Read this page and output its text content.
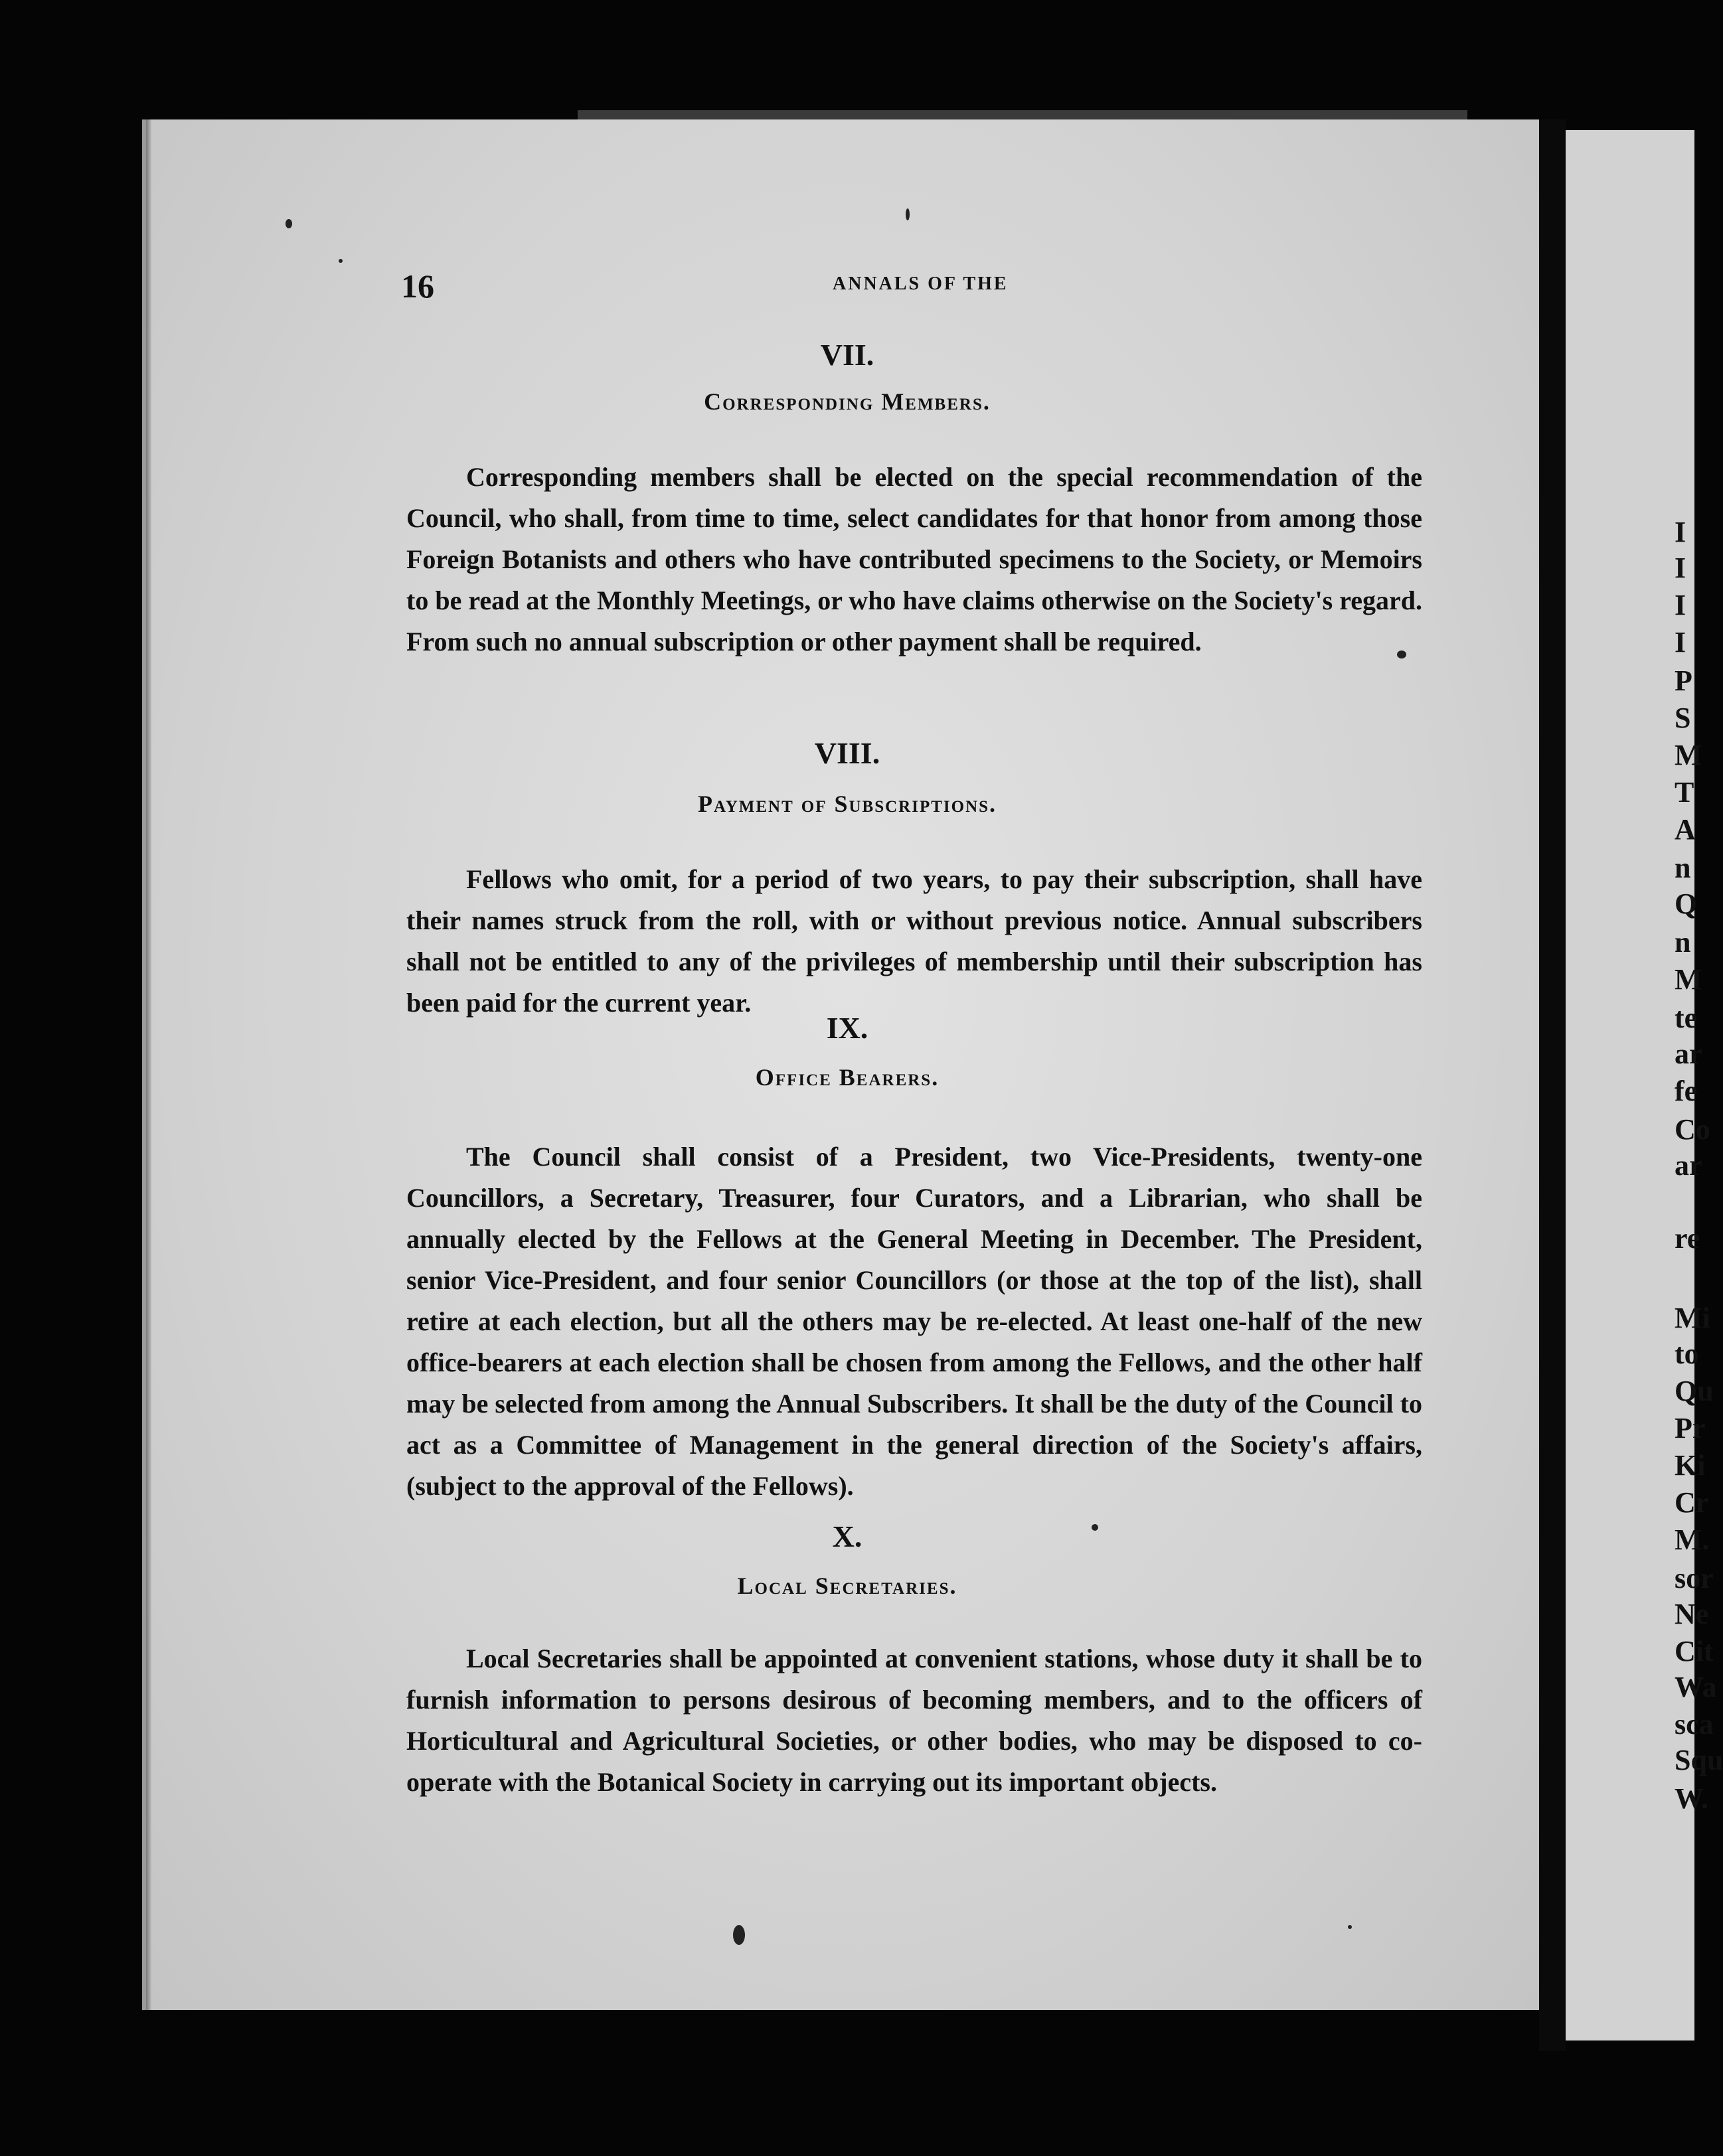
16	ANNALS OF THE
VII.
Corresponding Members.
Corresponding members shall be elected on the special recommendation of the Council, who shall, from time to time, select candidates for that honor from among those Foreign Botanists and others who have contributed specimens to the Society, or Memoirs to be read at the Monthly Meetings, or who have claims otherwise on the Society's regard. From such no annual subscription or other payment shall be required.
VIII.
Payment of Subscriptions.
Fellows who omit, for a period of two years, to pay their subscription, shall have their names struck from the roll, with or without previous notice. Annual subscribers shall not be entitled to any of the privileges of membership until their subscription has been paid for the current year.
IX.
Office Bearers.
The Council shall consist of a President, two Vice-Presidents, twenty-one Councillors, a Secretary, Treasurer, four Curators, and a Librarian, who shall be annually elected by the Fellows at the General Meeting in December. The President, senior Vice-President, and four senior Councillors (or those at the top of the list), shall retire at each election, but all the others may be re-elected. At least one-half of the new office-bearers at each election shall be chosen from among the Fellows, and the other half may be selected from among the Annual Subscribers. It shall be the duty of the Council to act as a Committee of Management in the general direction of the Society's affairs, (subject to the approval of the Fellows).
X.
Local Secretaries.
Local Secretaries shall be appointed at convenient stations, whose duty it shall be to furnish information to persons desirous of becoming members, and to the officers of Horticultural and Agricultural Societies, or other bodies, who may be disposed to co-operate with the Botanical Society in carrying out its important objects.
I
I
I
I
P
S
M
T
A
n
Q
n
M
te
ar
fe
Co
ar
re
Mi
to
Qu
Pr
Ki
Cr
M.
sor
Ne
Cit
Wa
sca
Squ
W.
